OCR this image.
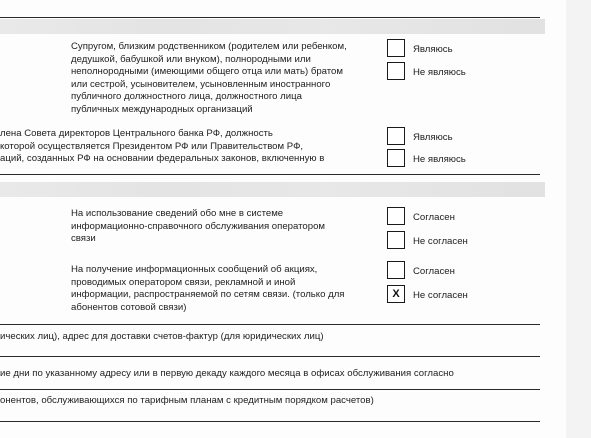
Супругом, близким родственником (родителем или ребенком,
дедушкой, бабушкой или внуком), полнородными или
неполнородными (имеющими общего отца или мать) братом
или сестрой, усыновителем, усыновленным иностранного
публичного должностного лица, должностного лица
публичных международных организаций
Являюсь
Не являюсь
лена Совета директоров Центрального банка РФ, должность
которой осуществляется Президентом РФ или Правительством РФ,
аций, созданных РФ на основании федеральных законов, включенную в
Являюсь
Не являюсь
На использование сведений обо мне в системе
информационно-справочного обслуживания оператором
связи
Согласен
Не согласен
На получение информационных сообщений об акциях,
проводимых оператором связи, рекламной и иной
информации, распространяемой по сетям связи. (только для
абонентов сотовой связи)
Согласен
X	Не согласен
ических лиц), адрес для доставки счетов-фактур (для юридических лиц)
ие дни по указанному адресу или в первую декаду каждого месяца в офисах обслуживания согласно
онентов, обслуживающихся по тарифным планам с кредитным порядком расчетов)
